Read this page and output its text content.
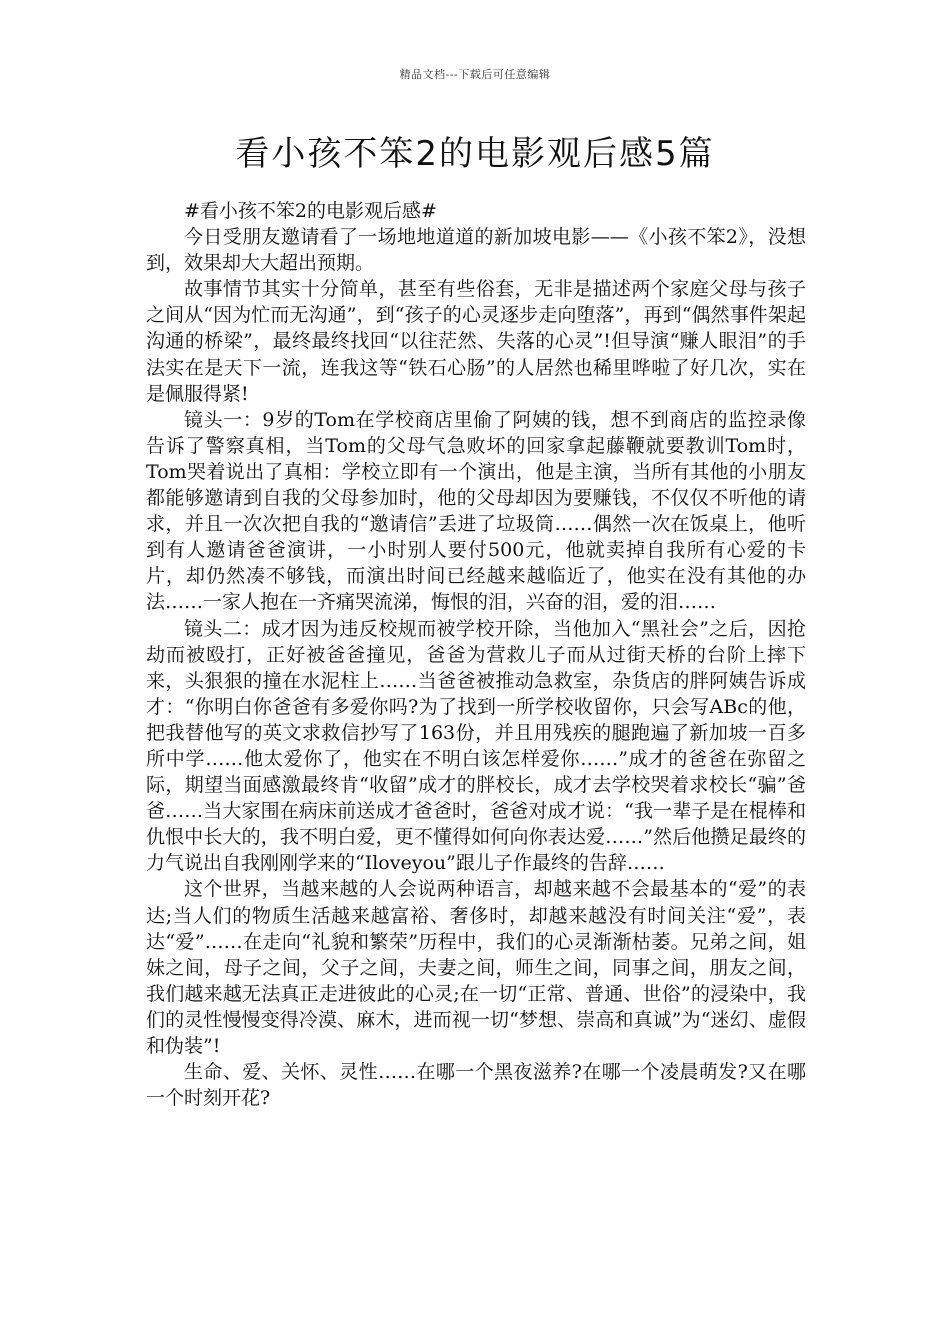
精品文档---下载后可任意编辑
看小孩不笨2的电影观后感5篇

#看小孩不笨2的电影观后感#

今日受朋友邀请看了一场地地道道的新加坡电影——《小孩不笨2》，没想到，效果却大大超出预期。

故事情节其实十分简单，甚至有些俗套，无非是描述两个家庭父母与孩子之间从“因为忙而无沟通”，到“孩子的心灵逐步走向堕落”，再到“偶然事件架起沟通的桥梁”，最终最终找回“以往茫然、失落的心灵”!但导演“赚人眼泪”的手法实在是天下一流，连我这等“铁石心肠”的人居然也稀里哗啦了好几次，实在是佩服得紧!

镜头一：9岁的Tom在学校商店里偷了阿姨的钱，想不到商店的监控录像告诉了警察真相，当Tom的父母气急败坏的回家拿起藤鞭就要教训Tom时，Tom哭着说出了真相：学校立即有一个演出，他是主演，当所有其他的小朋友都能够邀请到自我的父母参加时，他的父母却因为要赚钱，不仅仅不听他的请求，并且一次次把自我的“邀请信”丢进了垃圾筒……偶然一次在饭桌上，他听到有人邀请爸爸演讲，一小时别人要付500元，他就卖掉自我所有心爱的卡片，却仍然凑不够钱，而演出时间已经越来越临近了，他实在没有其他的办法……一家人抱在一齐痛哭流涕，悔恨的泪，兴奋的泪，爱的泪……

镜头二：成才因为违反校规而被学校开除，当他加入“黑社会”之后，因抢劫而被殴打，正好被爸爸撞见，爸爸为营救儿子而从过街天桥的台阶上摔下来，头狠狠的撞在水泥柱上……当爸爸被推动急救室，杂货店的胖阿姨告诉成才：“你明白你爸爸有多爱你吗?为了找到一所学校收留你，只会写ABc的他，把我替他写的英文求救信抄写了163份，并且用残疾的腿跑遍了新加坡一百多所中学……他太爱你了，他实在不明白该怎样爱你……”成才的爸爸在弥留之际，期望当面感激最终肯“收留”成才的胖校长，成才去学校哭着求校长“骗”爸爸……当大家围在病床前送成才爸爸时，爸爸对成才说：“我一辈子是在棍棒和仇恨中长大的，我不明白爱，更不懂得如何向你表达爱……”然后他攒足最终的力气说出自我刚刚学来的“Iloveyou”跟儿子作最终的告辞……

这个世界，当越来越的人会说两种语言，却越来越不会最基本的“爱”的表达;当人们的物质生活越来越富裕、奢侈时，却越来越没有时间关注“爱”，表达“爱”……在走向“礼貌和繁荣”历程中，我们的心灵渐渐枯萎。兄弟之间，姐妹之间，母子之间，父子之间，夫妻之间，师生之间，同事之间，朋友之间，我们越来越无法真正走进彼此的心灵;在一切“正常、普通、世俗”的浸染中，我们的灵性慢慢变得冷漠、麻木，进而视一切“梦想、崇高和真诚”为“迷幻、虚假和伪装”!

生命、爱、关怀、灵性……在哪一个黑夜滋养?在哪一个凌晨萌发?又在哪一个时刻开花?
